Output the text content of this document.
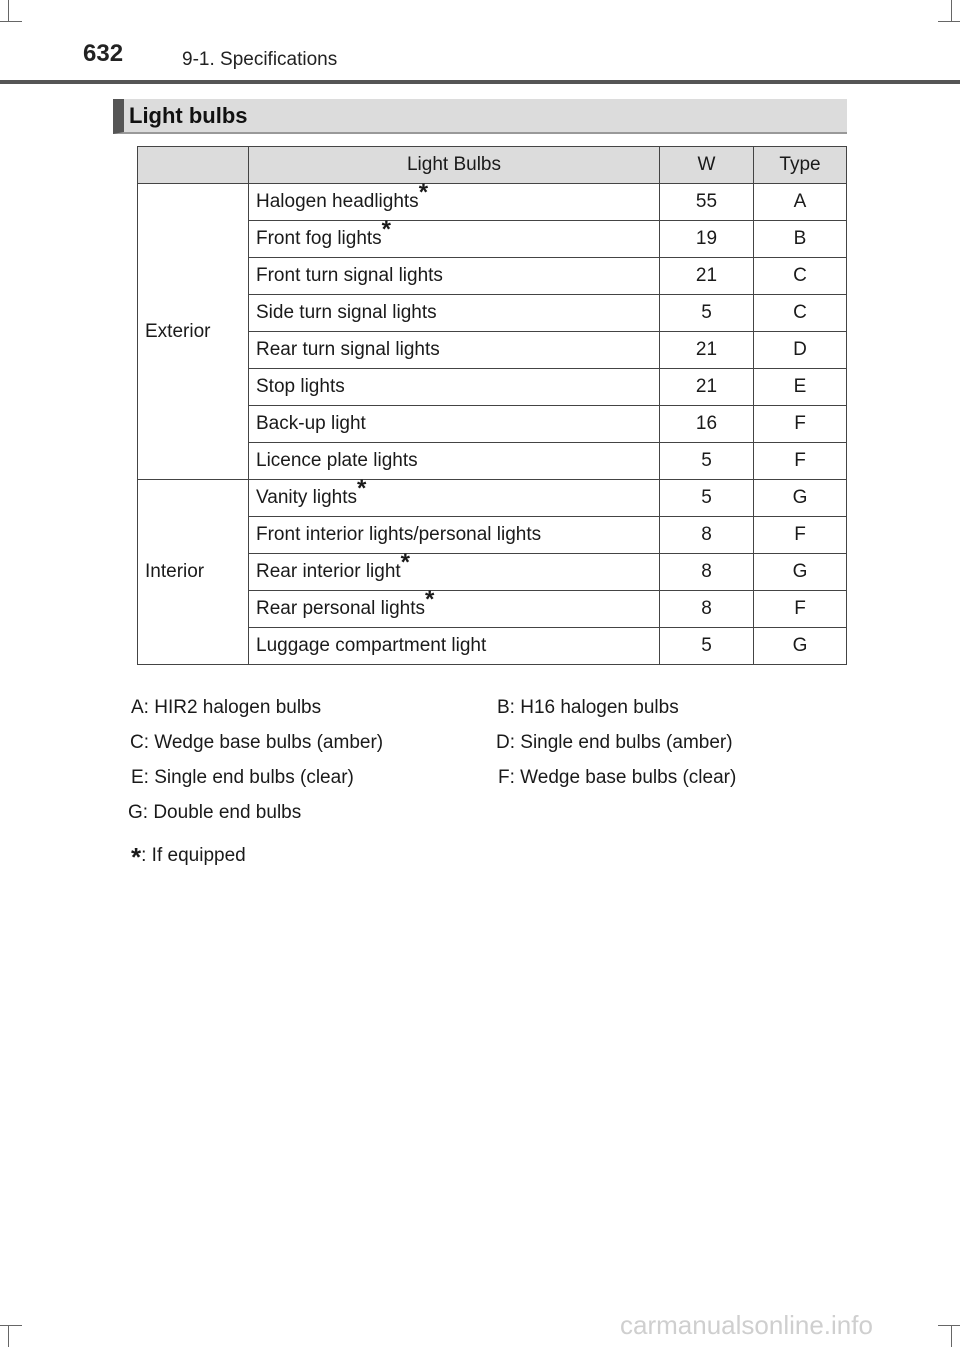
632	9-1. Specifications
Light bulbs
	Light Bulbs	W	Type
Exterior	Halogen headlights*	55	A
	Front fog lights*	19	B
	Front turn signal lights	21	C
	Side turn signal lights	5	C
	Rear turn signal lights	21	D
	Stop lights	21	E
	Back-up light	16	F
	Licence plate lights	5	F
Interior	Vanity lights*	5	G
	Front interior lights/personal lights	8	F
	Rear interior light*	8	G
	Rear personal lights*	8	F
	Luggage compartment light	5	G
A: HIR2 halogen bulbs	B: H16 halogen bulbs
C: Wedge base bulbs (amber)	D: Single end bulbs (amber)
E: Single end bulbs (clear)	F: Wedge base bulbs (clear)
G: Double end bulbs
*: If equipped
carmanualsonline.info
